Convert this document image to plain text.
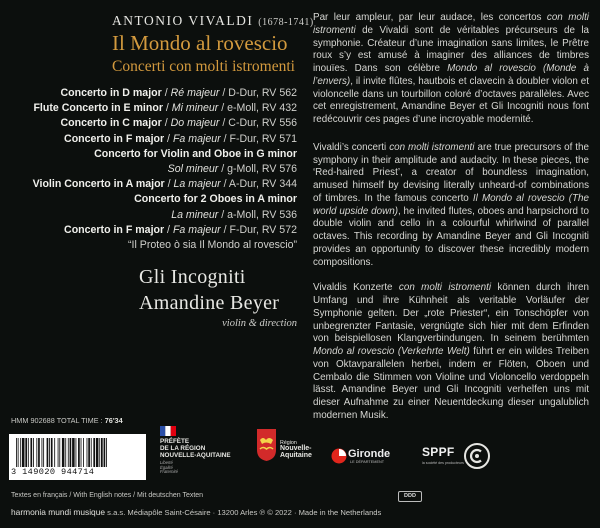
ANTONIO VIVALDI (1678-1741)
Il Mondo al rovescio
Concerti con molti istromenti
Concerto in D major / Ré majeur / D-Dur, RV 562
Flute Concerto in E minor / Mi mineur / e-Moll, RV 432
Concerto in C major / Do majeur / C-Dur, RV 556
Concerto in F major / Fa majeur / F-Dur, RV 571
Concerto for Violin and Oboe in G minor
Sol mineur / g-Moll, RV 576
Violin Concerto in A major / La majeur / A-Dur, RV 344
Concerto for 2 Oboes in A minor
La mineur / a-Moll, RV 536
Concerto in F major / Fa majeur / F-Dur, RV 572
“Il Proteo ò sia Il Mondo al rovescio”
Gli Incogniti
Amandine Beyer
violin & direction

Par leur ampleur, par leur audace, les concertos con molti istromenti de Vivaldi sont de véritables précurseurs de la symphonie. Créateur d’une imagination sans limites, le Prêtre roux s’y est amusé à imaginer des alliances de timbres inouïes. Dans son célèbre Mondo al rovescio (Monde à l’envers), il invite flûtes, hautbois et clavecin à doubler violon et violoncelle dans un tourbillon coloré d’octaves parallèles. Avec cet enregistrement, Amandine Beyer et Gli Incogniti nous font redécouvrir ces pages d’une incroyable modernité.

Vivaldi’s concerti con molti istromenti are true precursors of the symphony in their amplitude and audacity. In these pieces, the ‘Red-haired Priest’, a creator of boundless imagination, amused himself by devising literally unheard-of combinations of timbres. In the famous concerto Il Mondo al rovescio (The world upside down), he invited flutes, oboes and harpsichord to double violin and cello in a colourful whirlwind of parallel octaves. This recording by Amandine Beyer and Gli Incogniti provides an opportunity to discover these incredibly modern compositions.

Vivaldis Konzerte con molti istromenti können durch ihren Umfang und ihre Kühnheit als veritable Vorläufer der Symphonie gelten. Der „rote Priester“, ein Tonschöpfer von unbegrenzter Fantasie, vergnügte sich hier mit dem Erfinden von beispiellosen Klangverbindungen. In seinem berühmten Mondo al rovescio (Verkehrte Welt) führt er ein wildes Treiben von Oktavparallelen herbei, indem er Flöten, Oboen und Cembalo die Stimmen von Violine und Violoncello verdoppeln lässt. Amandine Beyer und Gli Incogniti verhelfen uns mit dieser Aufnahme zu einer Neuentdeckung dieser ungalublich modernen Musik.

HMM 902688 TOTAL TIME : 76'34
3 149020 944714
PRÉFÈTE
DE LA RÉGION
NOUVELLE-AQUITAINE
Liberté
Égalité
Fraternité
Région
Nouvelle-
Aquitaine	Gironde
LE DÉPARTEMENT
SPPF
la société des producteurs
Textes en français / With English notes / Mit deutschen Texten	DDD
harmonia mundi musique s.a.s. Médiapôle Saint-Césaire · 13200 Arles ℗ © 2022 · Made in the Netherlands
